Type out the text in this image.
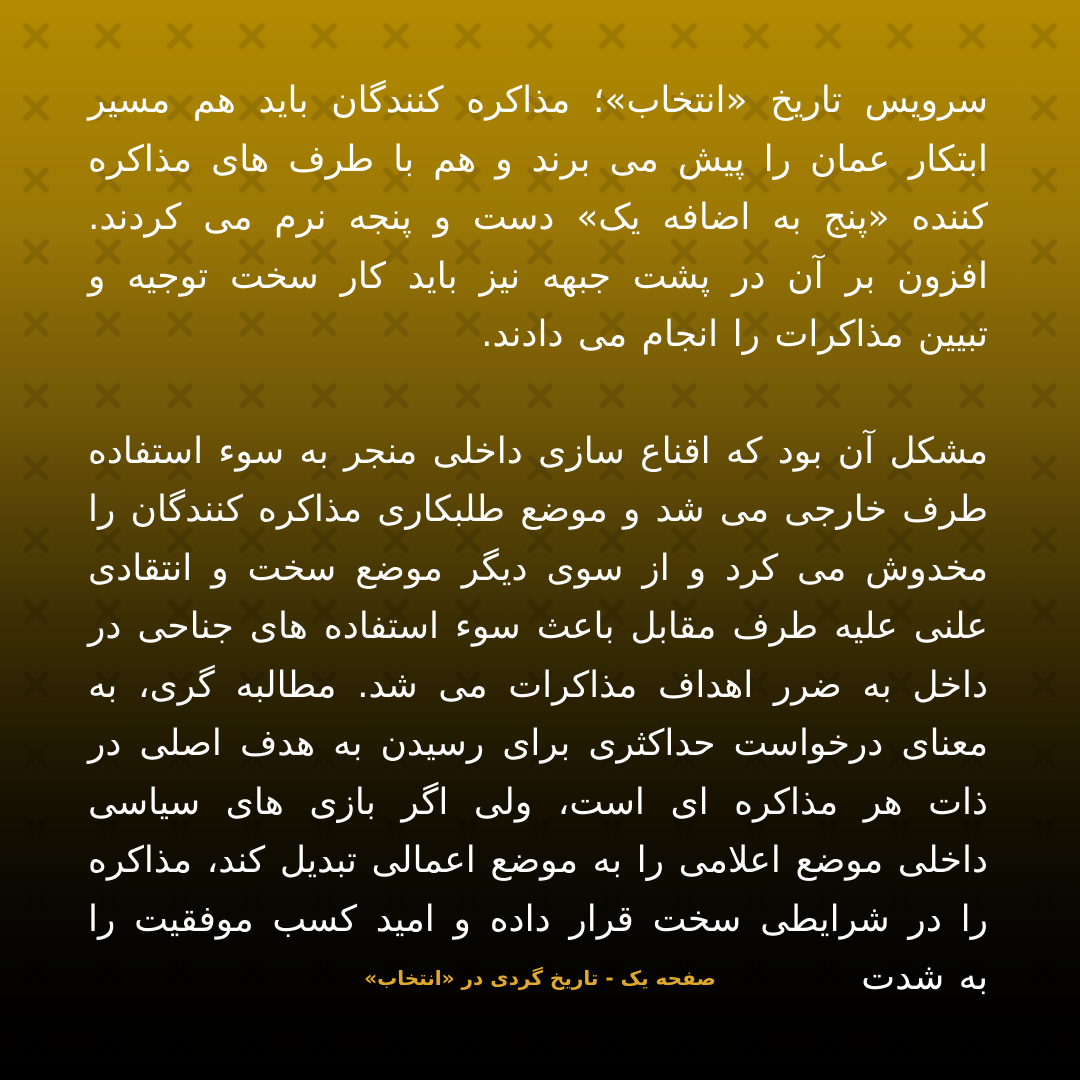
سرویس تاریخ «انتخاب»؛ مذاکره کنندگان باید هم مسیر ابتکار عمان را پیش می برند و هم با طرف های مذاکره کننده «پنج به اضافه یک» دست و پنجه نرم می کردند. افزون بر آن در پشت جبهه نیز باید کار سخت توجیه و تبیین مذاکرات را انجام می دادند.

مشکل آن بود که اقناع سازی داخلی منجر به سوء استفاده طرف خارجی می شد و موضع طلبکاری مذاکره کنندگان را مخدوش می کرد و از سوی دیگر موضع سخت و انتقادی علنی علیه طرف مقابل باعث سوء استفاده های جناحی در داخل به ضرر اهداف مذاکرات می شد. مطالبه گری، به معنای درخواست حداکثری برای رسیدن به هدف اصلی در ذات هر مذاکره ای است، ولی اگر بازی های سیاسی داخلی موضع اعلامی را به موضع اعمالی تبدیل کند، مذاکره را در شرایطی سخت قرار داده و امید کسب موفقیت را به شدت

صفحه یک - تاریخ گردی در «انتخاب»
